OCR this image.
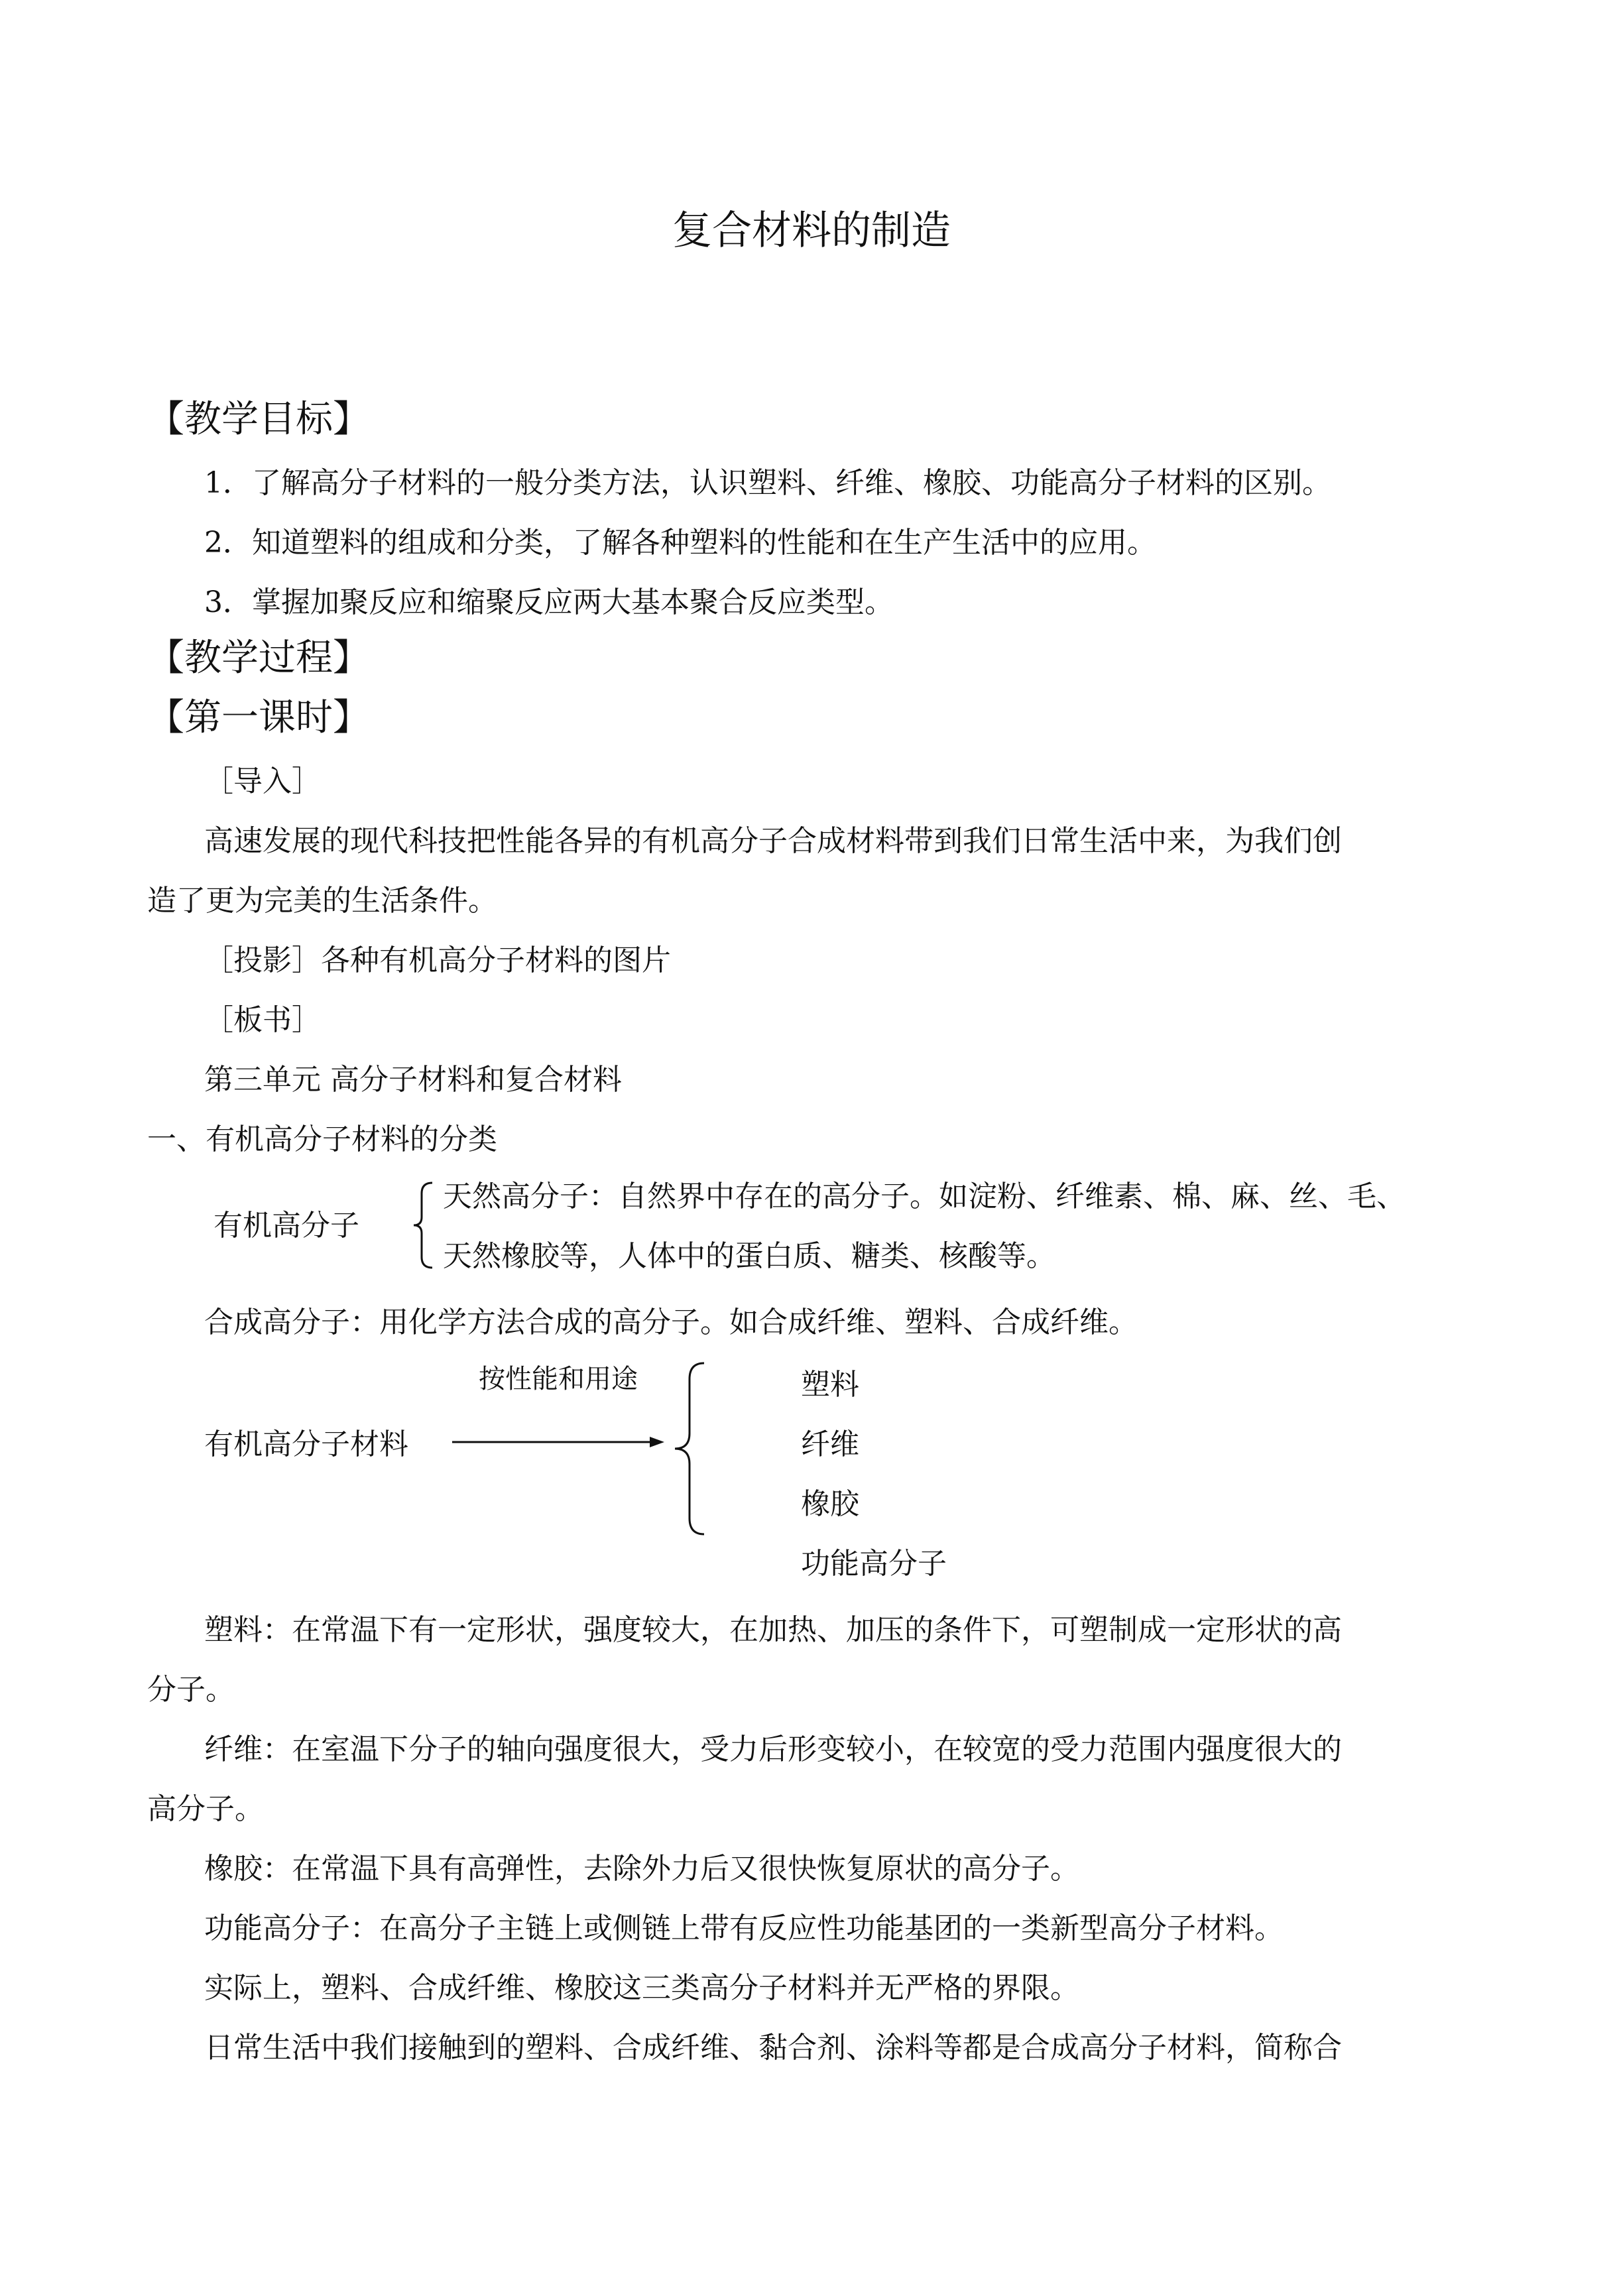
复合材料的制造
【教学目标】
1．了解高分子材料的一般分类方法，认识塑料、纤维、橡胶、功能高分子材料的区别。
2．知道塑料的组成和分类，了解各种塑料的性能和在生产生活中的应用。
3．掌握加聚反应和缩聚反应两大基本聚合反应类型。
【教学过程】
【第一课时】
［导入］
高速发展的现代科技把性能各异的有机高分子合成材料带到我们日常生活中来，为我们创
造了更为完美的生活条件。
［投影］各种有机高分子材料的图片
［板书］
第三单元 高分子材料和复合材料
一、有机高分子材料的分类
有机高分子
天然高分子：自然界中存在的高分子。如淀粉、纤维素、棉、麻、丝、毛、
天然橡胶等，人体中的蛋白质、糖类、核酸等。
合成高分子：用化学方法合成的高分子。如合成纤维、塑料、合成纤维。
按性能和用途
有机高分子材料
塑料
纤维
橡胶
功能高分子
塑料：在常温下有一定形状，强度较大，在加热、加压的条件下，可塑制成一定形状的高
分子。
纤维：在室温下分子的轴向强度很大，受力后形变较小，在较宽的受力范围内强度很大的
高分子。
橡胶：在常温下具有高弹性，去除外力后又很快恢复原状的高分子。
功能高分子：在高分子主链上或侧链上带有反应性功能基团的一类新型高分子材料。
实际上，塑料、合成纤维、橡胶这三类高分子材料并无严格的界限。
日常生活中我们接触到的塑料、合成纤维、黏合剂、涂料等都是合成高分子材料，简称合
